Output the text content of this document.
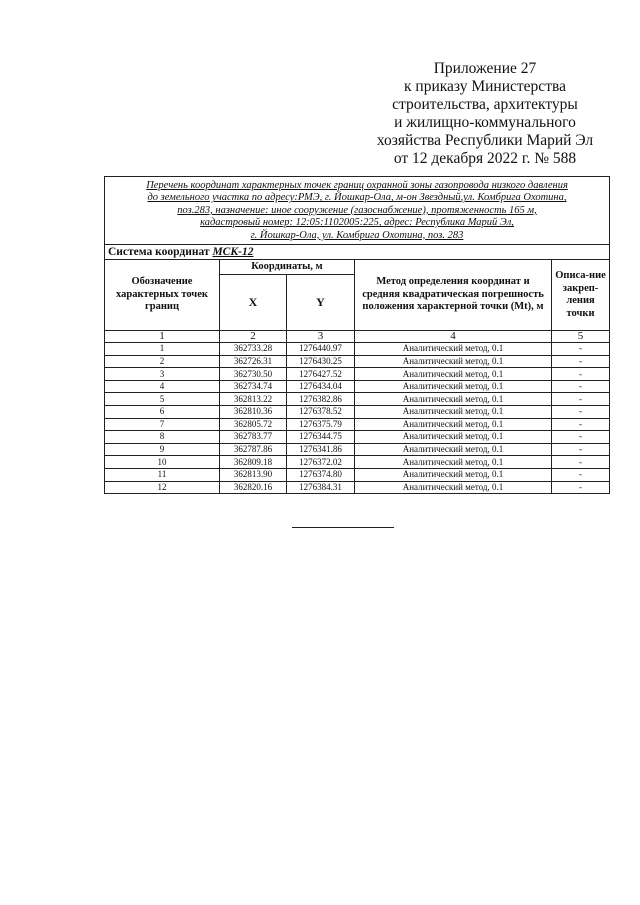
Приложение 27
к приказу Министерства
строительства, архитектуры
и жилищно-коммунального
хозяйства Республики Марий Эл
от 12 декабря 2022 г. № 588
Перечень координат характерных точек границ охранной зоны газопровода низкого давления
до земельного участка по адресу:РМЭ, г. Йошкар-Ола, м-он Звездный,ул. Комбрига Охотина,
поз.283, назначение: иное сооружение (газоснабжение), протяженность 165 м,
кадастровый номер: 12:05:1102005:225, адрес: Республика Марий Эл,
г. Йошкар-Ола, ул. Комбрига Охотина, поз. 283				

Система координат МСК-12				
Обозначение характерных точек границ	Координаты, м		Метод определения координат и средняя квадратическая погрешность положения характерной точки (Mt), м	Описа-ние закреп-ления точки
	X	Y		
1	2	3	4	5
1	362733.28	1276440.97	Аналитический метод, 0.1	-
2	362726.31	1276430.25	Аналитический метод, 0.1	-
3	362730.50	1276427.52	Аналитический метод, 0.1	-
4	362734.74	1276434.04	Аналитический метод, 0.1	-
5	362813.22	1276382.86	Аналитический метод, 0.1	-
6	362810.36	1276378.52	Аналитический метод, 0.1	-
7	362805.72	1276375.79	Аналитический метод, 0.1	-
8	362783.77	1276344.75	Аналитический метод, 0.1	-
9	362787.86	1276341.86	Аналитический метод, 0.1	-
10	362809.18	1276372.02	Аналитический метод, 0.1	-
11	362813.90	1276374.80	Аналитический метод, 0.1	-
12	362820.16	1276384.31	Аналитический метод, 0.1	-
